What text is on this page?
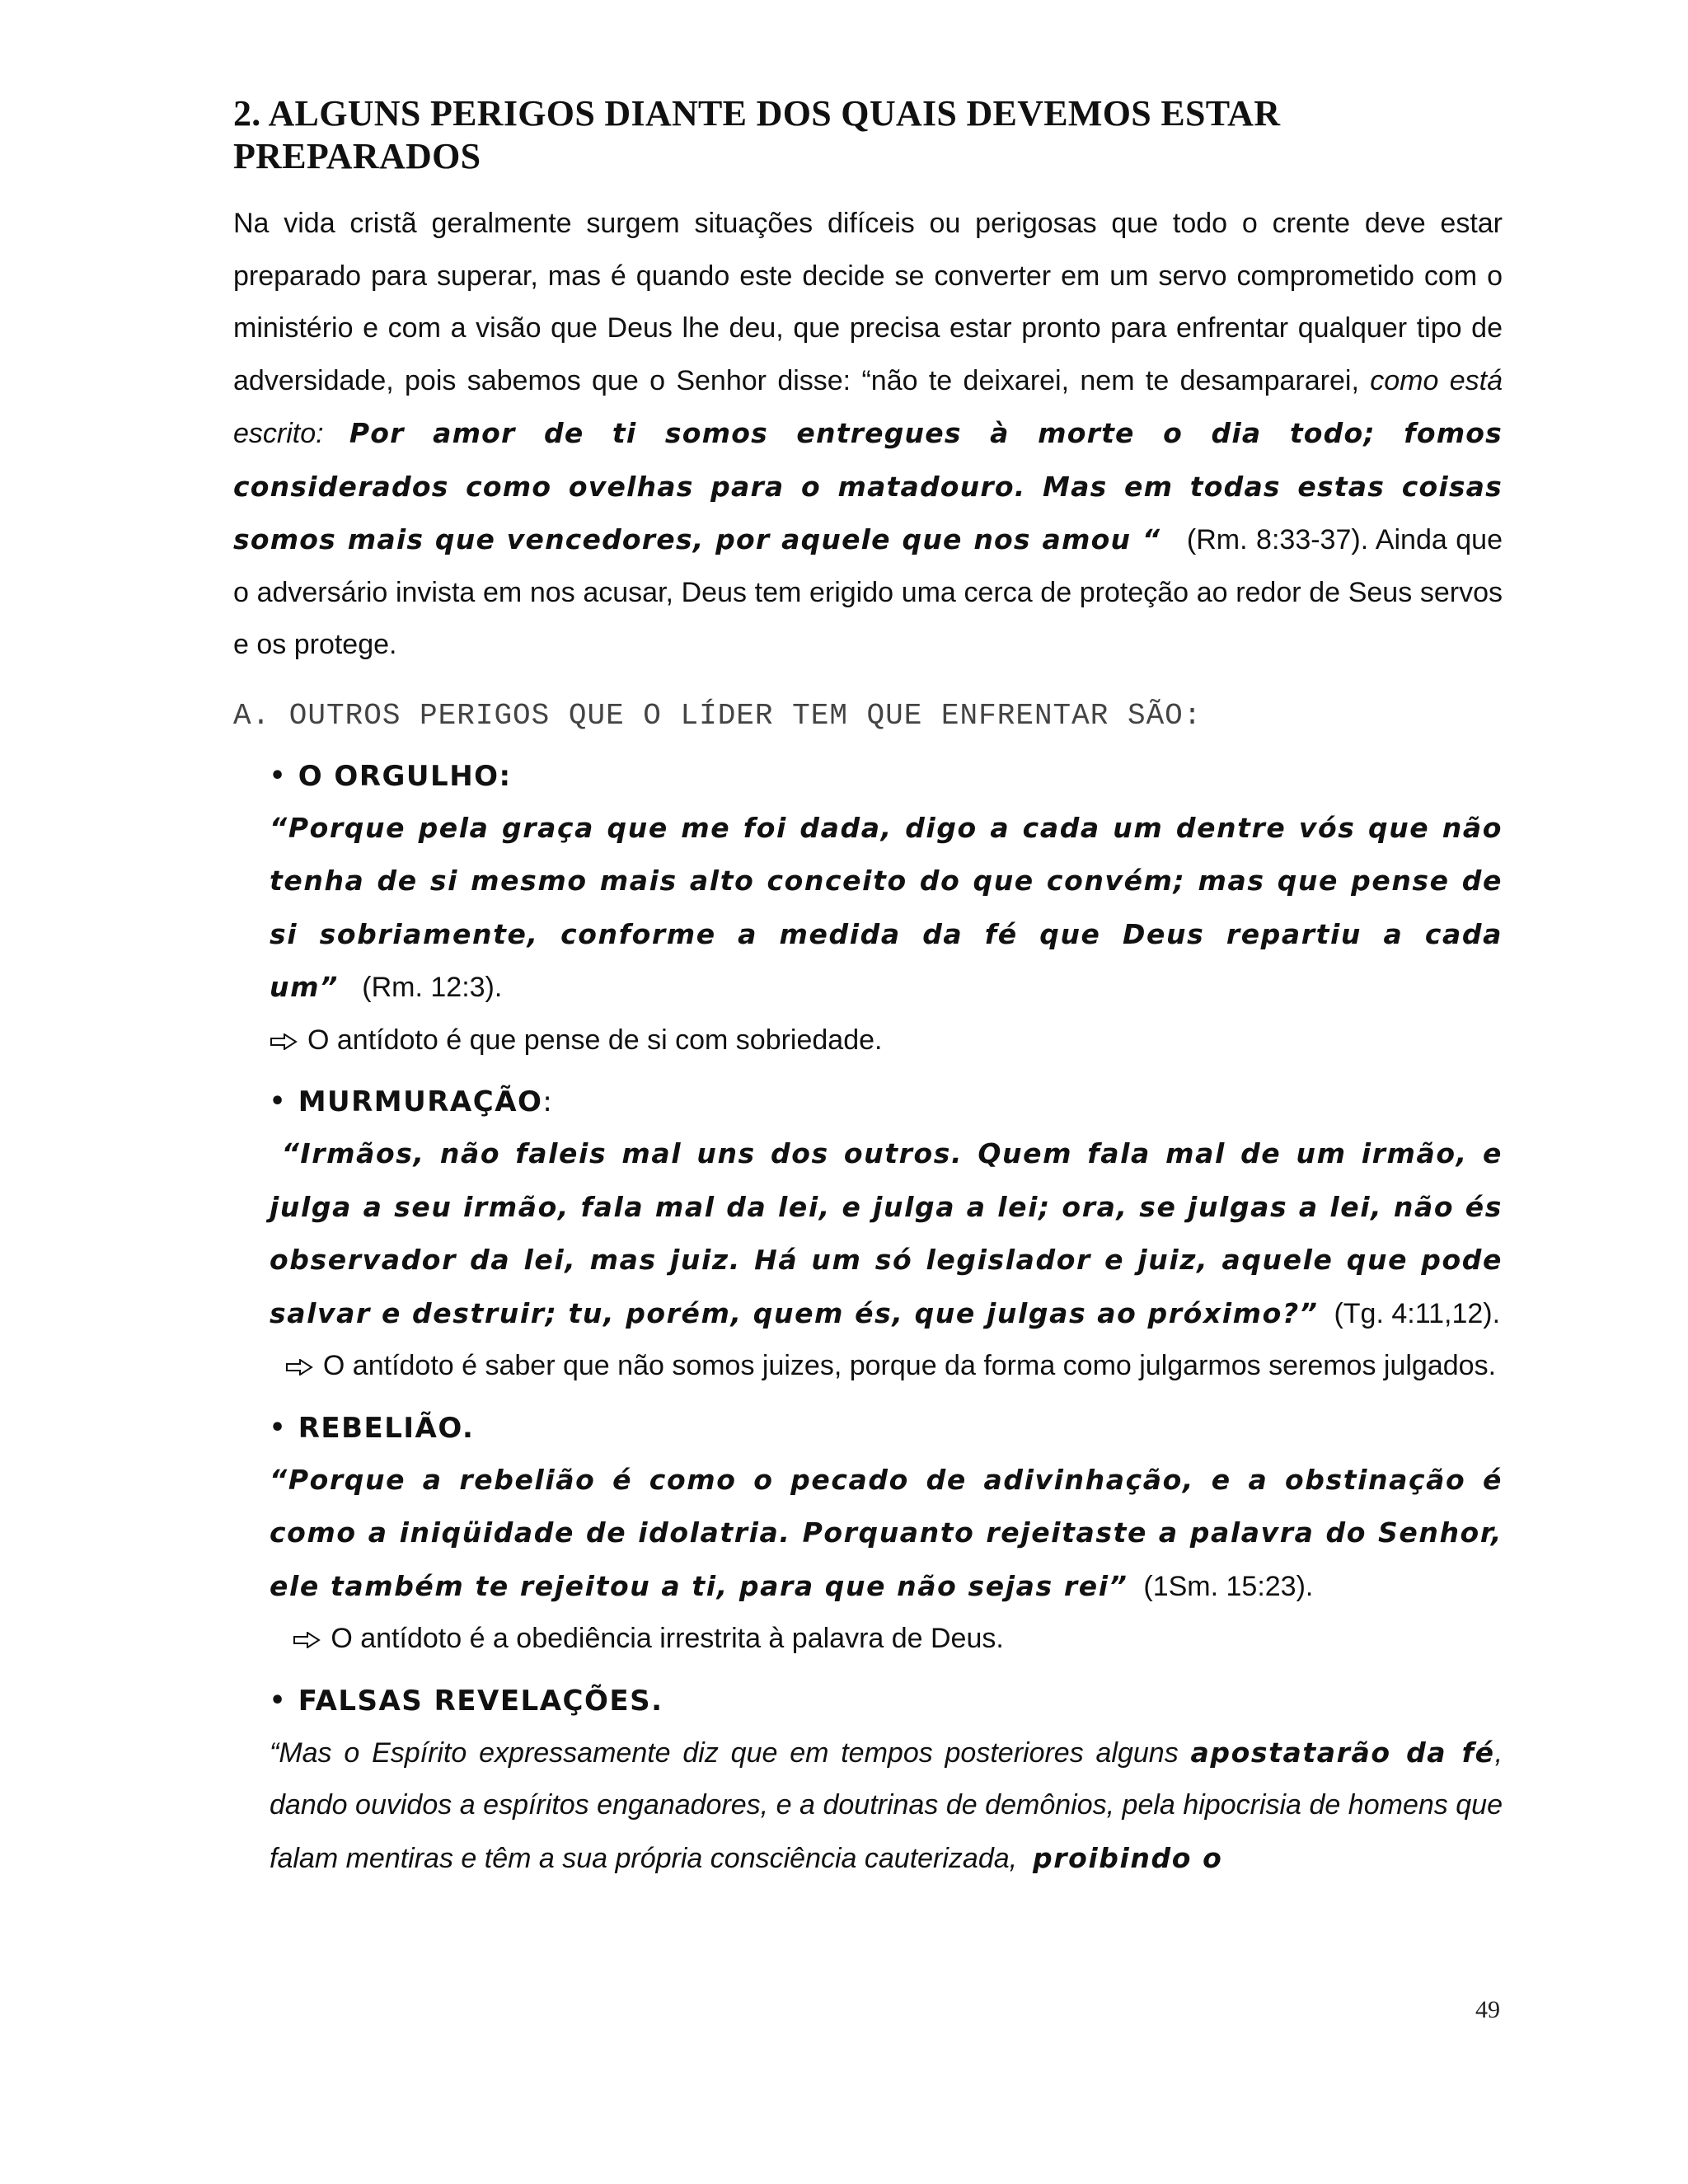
2. ALGUNS PERIGOS DIANTE DOS QUAIS DEVEMOS ESTAR PREPARADOS

Na vida cristã geralmente surgem situações difíceis ou perigosas que todo o crente deve estar preparado para superar, mas é quando este decide se converter em um servo comprometido com o ministério e com a visão que Deus lhe deu, que precisa estar pronto para enfrentar qualquer tipo de adversidade, pois sabemos que o Senhor disse: “não te deixarei, nem te desampararei, como está escrito: Por amor de ti somos entregues à morte o dia todo; fomos considerados como ovelhas para o matadouro. Mas em todas estas coisas somos mais que vencedores, por aquele que nos amou “ (Rm. 8:33-37). Ainda que o adversário invista em nos acusar, Deus tem erigido uma cerca de proteção ao redor de Seus servos e os protege.

A. OUTROS PERIGOS QUE O LÍDER TEM QUE ENFRENTAR SÃO:
• O ORGULHO:

“Porque pela graça que me foi dada, digo a cada um dentre vós que não tenha de si mesmo mais alto conceito do que convém; mas que pense de si sobriamente, conforme a medida da fé que Deus repartiu a cada um” (Rm. 12:3).

O antídoto é que pense de si com sobriedade.

• MURMURAÇÃO :

“Irmãos, não faleis mal uns dos outros. Quem fala mal de um irmão, e julga a seu irmão, fala mal da lei, e julga a lei; ora, se julgas a lei, não és observador da lei, mas juiz. Há um só legislador e juiz, aquele que pode salvar e destruir; tu, porém, quem és, que julgas ao próximo?” (Tg. 4:11,12).

O antídoto é saber que não somos juizes, porque da forma como julgarmos seremos julgados.

• REBELIÃO.

“Porque a rebelião é como o pecado de adivinhação, e a obstinação é como a iniqüidade de idolatria. Porquanto rejeitaste a palavra do Senhor, ele também te rejeitou a ti, para que não sejas rei” (1Sm. 15:23).

O antídoto é a obediência irrestrita à palavra de Deus.

• FALSAS REVELAÇÕES.

“Mas o Espírito expressamente diz que em tempos posteriores alguns apostatarão da fé, dando ouvidos a espíritos enganadores, e a doutrinas de demônios, pela hipocrisia de homens que falam mentiras e têm a sua própria consciência cauterizada, proibindo o

49
